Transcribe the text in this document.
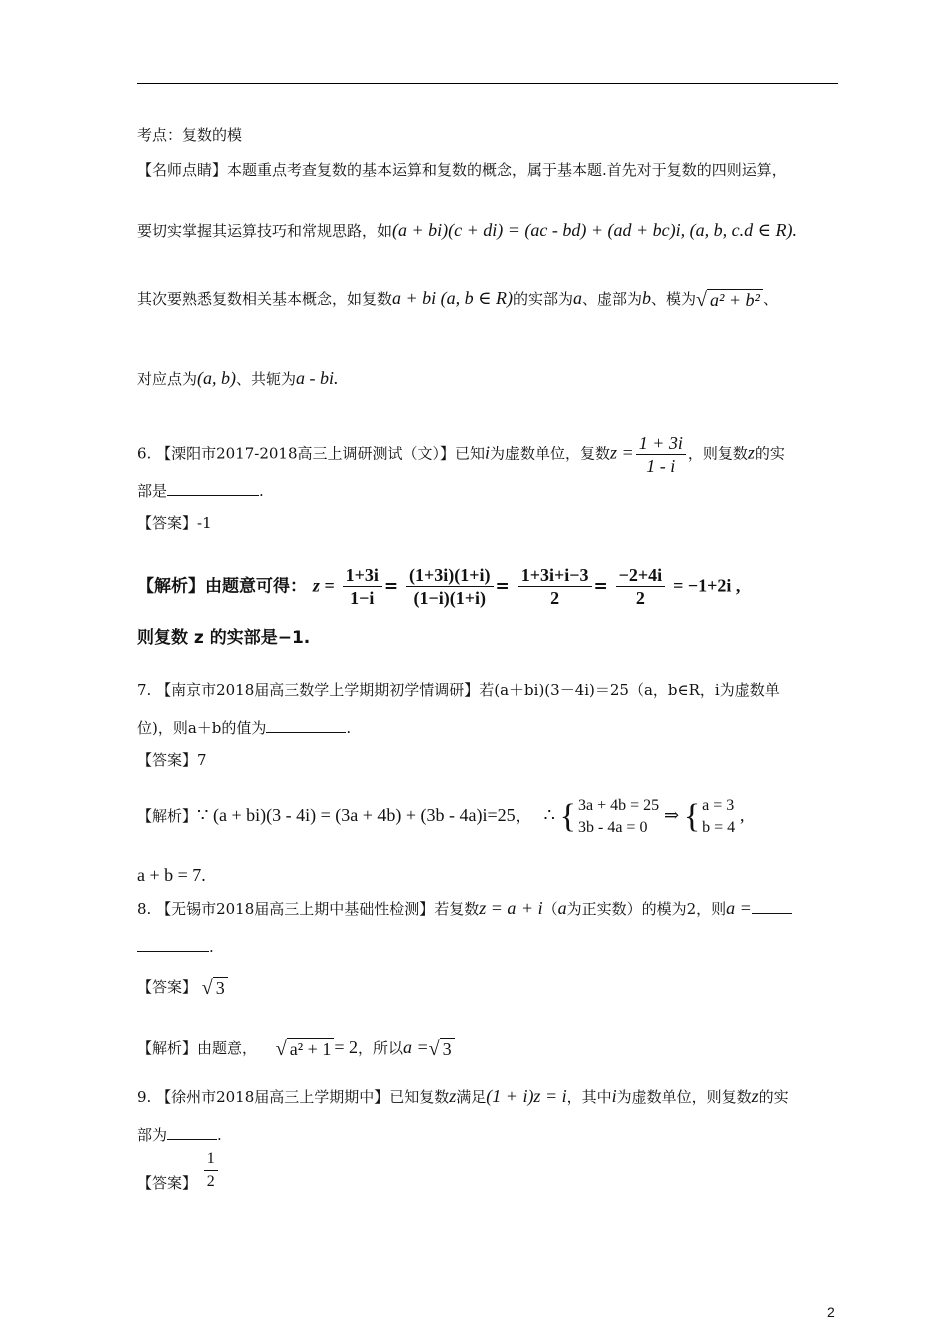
考点：复数的模
【名师点睛】本题重点考查复数的基本运算和复数的概念，属于基本题.首先对于复数的四则运算，
要切实掌握其运算技巧和常规思路，如(a + bi)(c + di) = (ac - bd) + (ad + bc)i, (a, b, c.d ∈ R).
其次要熟悉复数相关基本概念，如复数a + bi (a, b ∈ R)的实部为a、虚部为b、模为 √ a² + b² 、
对应点为(a, b)、共轭为a - bi.
6. 【溧阳市2017-2018高三上调研测试（文）】已知i为虚数单位，复数$z = \frac{1 + 3i}{1 - i}$ ，则复数z的实
部是	.
【答案】-1
【解析】由题意可得： $z = \frac{1+3i}{1-i} = \frac{(1+3i)(1+i)}{(1-i)(1+i)} = \frac{1+3i+i-3}{2} = \frac{-2+4i}{2} = -1+2i$ ,
则复数 z 的实部是−1.
7. 【南京市2018届高三数学上学期期初学情调研】若(a＋bi)(3－4i)＝25（a，b∈R，i为虚数单
位)，则a＋b的值为	.
【答案】7
【解析】∵ (a + bi)(3 - 4i) = (3a + 4b) + (3b - 4a)i=25， ∴ { 3a + 4b = 25
3b - 4a = 0
⇒ { a = 3
b = 4
,
a + b = 7.
8. 【无锡市2018届高三上期中基础性检测】若复数z = a + i（a为正实数）的模为2，则a =
.
【答案】 √ 3
【解析】由题意， √ a² + 1 = 2，所以a = √ 3
9. 【徐州市2018届高三上学期期中】已知复数z满足(1 + i)z = i，其中i为虚数单位，则复数z的实
部为	.
【答案】 $\frac{1}{2}$
2
